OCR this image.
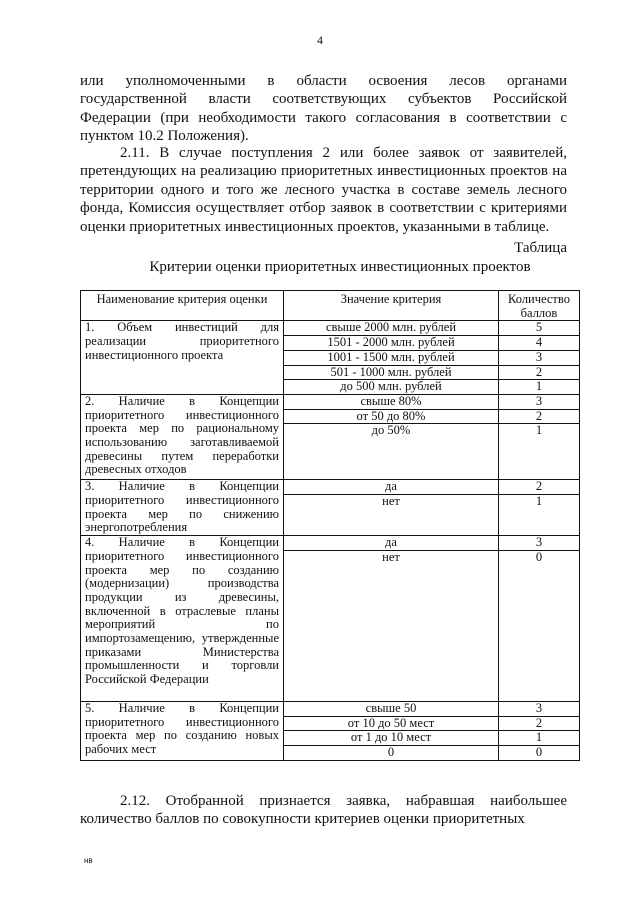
4
или уполномоченными в области освоения лесов органами государственной власти соответствующих субъектов Российской Федерации (при необходимости такого согласования в соответствии с пунктом 10.2 Положения).
2.11. В случае поступления 2 или более заявок от заявителей, претендующих на реализацию приоритетных инвестиционных проектов на территории одного и того же лесного участка в составе земель лесного фонда, Комиссия осуществляет отбор заявок в соответствии с критериями оценки приоритетных инвестиционных проектов, указанными в таблице.
Таблица
Критерии оценки приоритетных инвестиционных проектов
Наименование критерия оценки	Значение критерия	Количество баллов
1. Объем инвестиций для реализации приоритетного инвестиционного проекта	свыше 2000 млн. рублей	5
	1501 - 2000 млн. рублей	4
	1001 - 1500 млн. рублей	3
	501 - 1000 млн. рублей	2
	до 500 млн. рублей	1
2. Наличие в Концепции приоритетного инвестиционного проекта мер по рациональному использованию заготавливаемой древесины путем переработки древесных отходов	свыше 80%	3
	от 50 до 80%	2
	до 50%	1
3. Наличие в Концепции приоритетного инвестиционного проекта мер по снижению энергопотребления	да	2
	нет	1
4. Наличие в Концепции приоритетного инвестиционного проекта мер по созданию (модернизации) производства продукции из древесины, включенной в отраслевые планы мероприятий по импортозамещению, утвержденные приказами Министерства промышленности и торговли Российской Федерации	да	3
	нет	0
5. Наличие в Концепции приоритетного инвестиционного проекта мер по созданию новых рабочих мест	свыше 50	3
	от 10 до 50 мест	2
	от 1 до 10 мест	1
	0	0
2.12. Отобранной признается заявка, набравшая наибольшее количество баллов по совокупности критериев оценки приоритетных
нв
